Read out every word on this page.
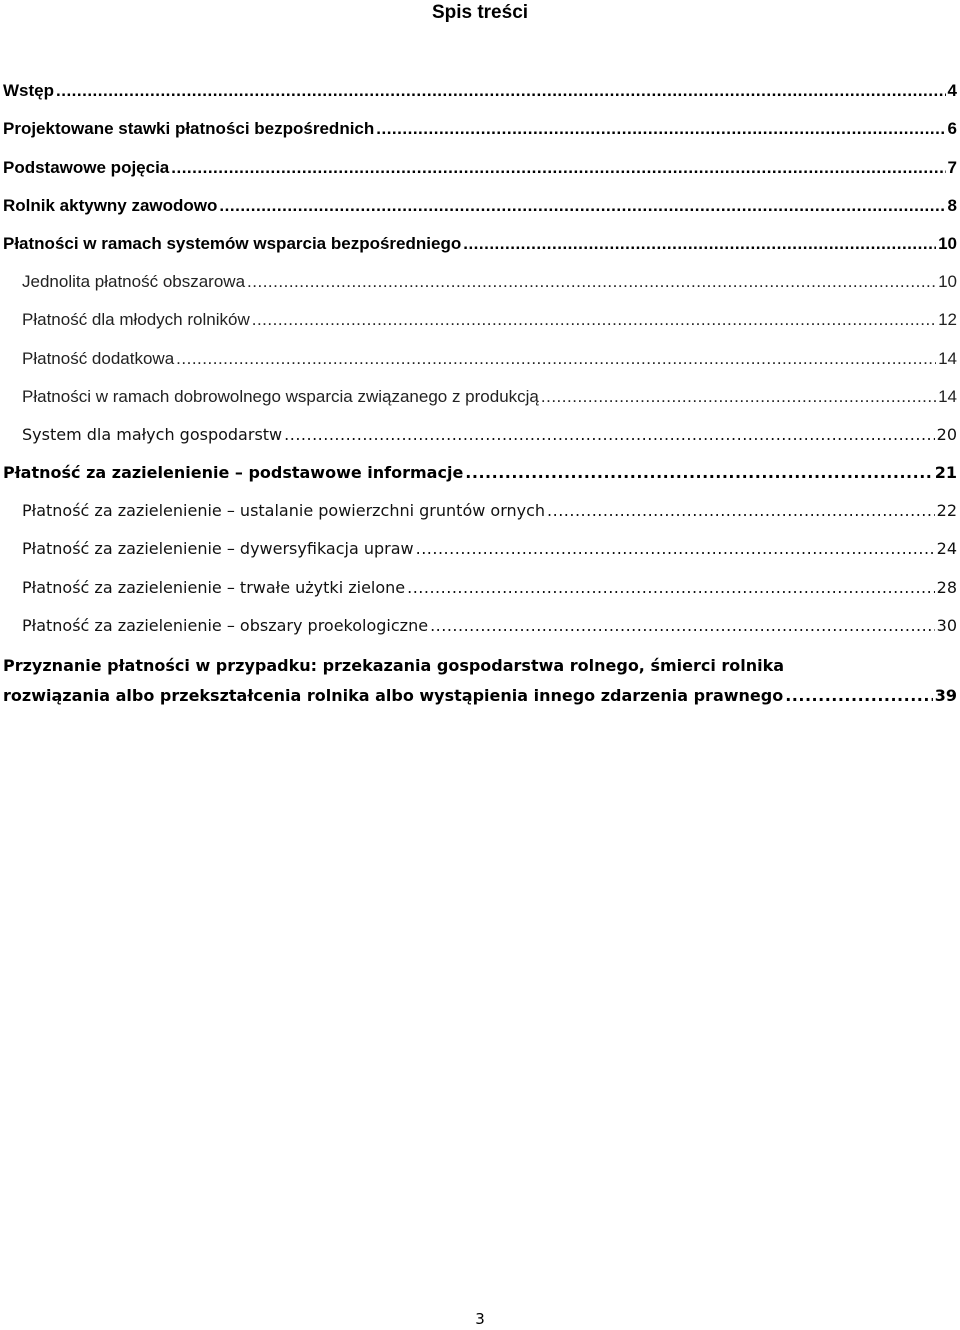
Spis treści
Wstęp .....	4
Projektowane stawki płatności bezpośrednich .....	6
Podstawowe pojęcia .....	7
Rolnik aktywny zawodowo .....	8
Płatności w ramach systemów wsparcia bezpośredniego .....	10
Jednolita płatność obszarowa .....	10
Płatność dla młodych rolników .....	12
Płatność dodatkowa .....	14
Płatności w ramach dobrowolnego wsparcia związanego z produkcją .....	14
System dla małych gospodarstw .....	20
Płatność za zazielenienie – podstawowe informacje .....	21
Płatność za zazielenienie – ustalanie powierzchni gruntów ornych .....	22
Płatność za zazielenienie – dywersyfikacja upraw .....	24
Płatność za zazielenienie – trwałe użytki zielone .....	28
Płatność za zazielenienie – obszary proekologiczne .....	30
Przyznanie płatności w przypadku: przekazania gospodarstwa rolnego, śmierci rolnika
rozwiązania albo przekształcenia rolnika albo wystąpienia innego zdarzenia prawnego .....	39
3
